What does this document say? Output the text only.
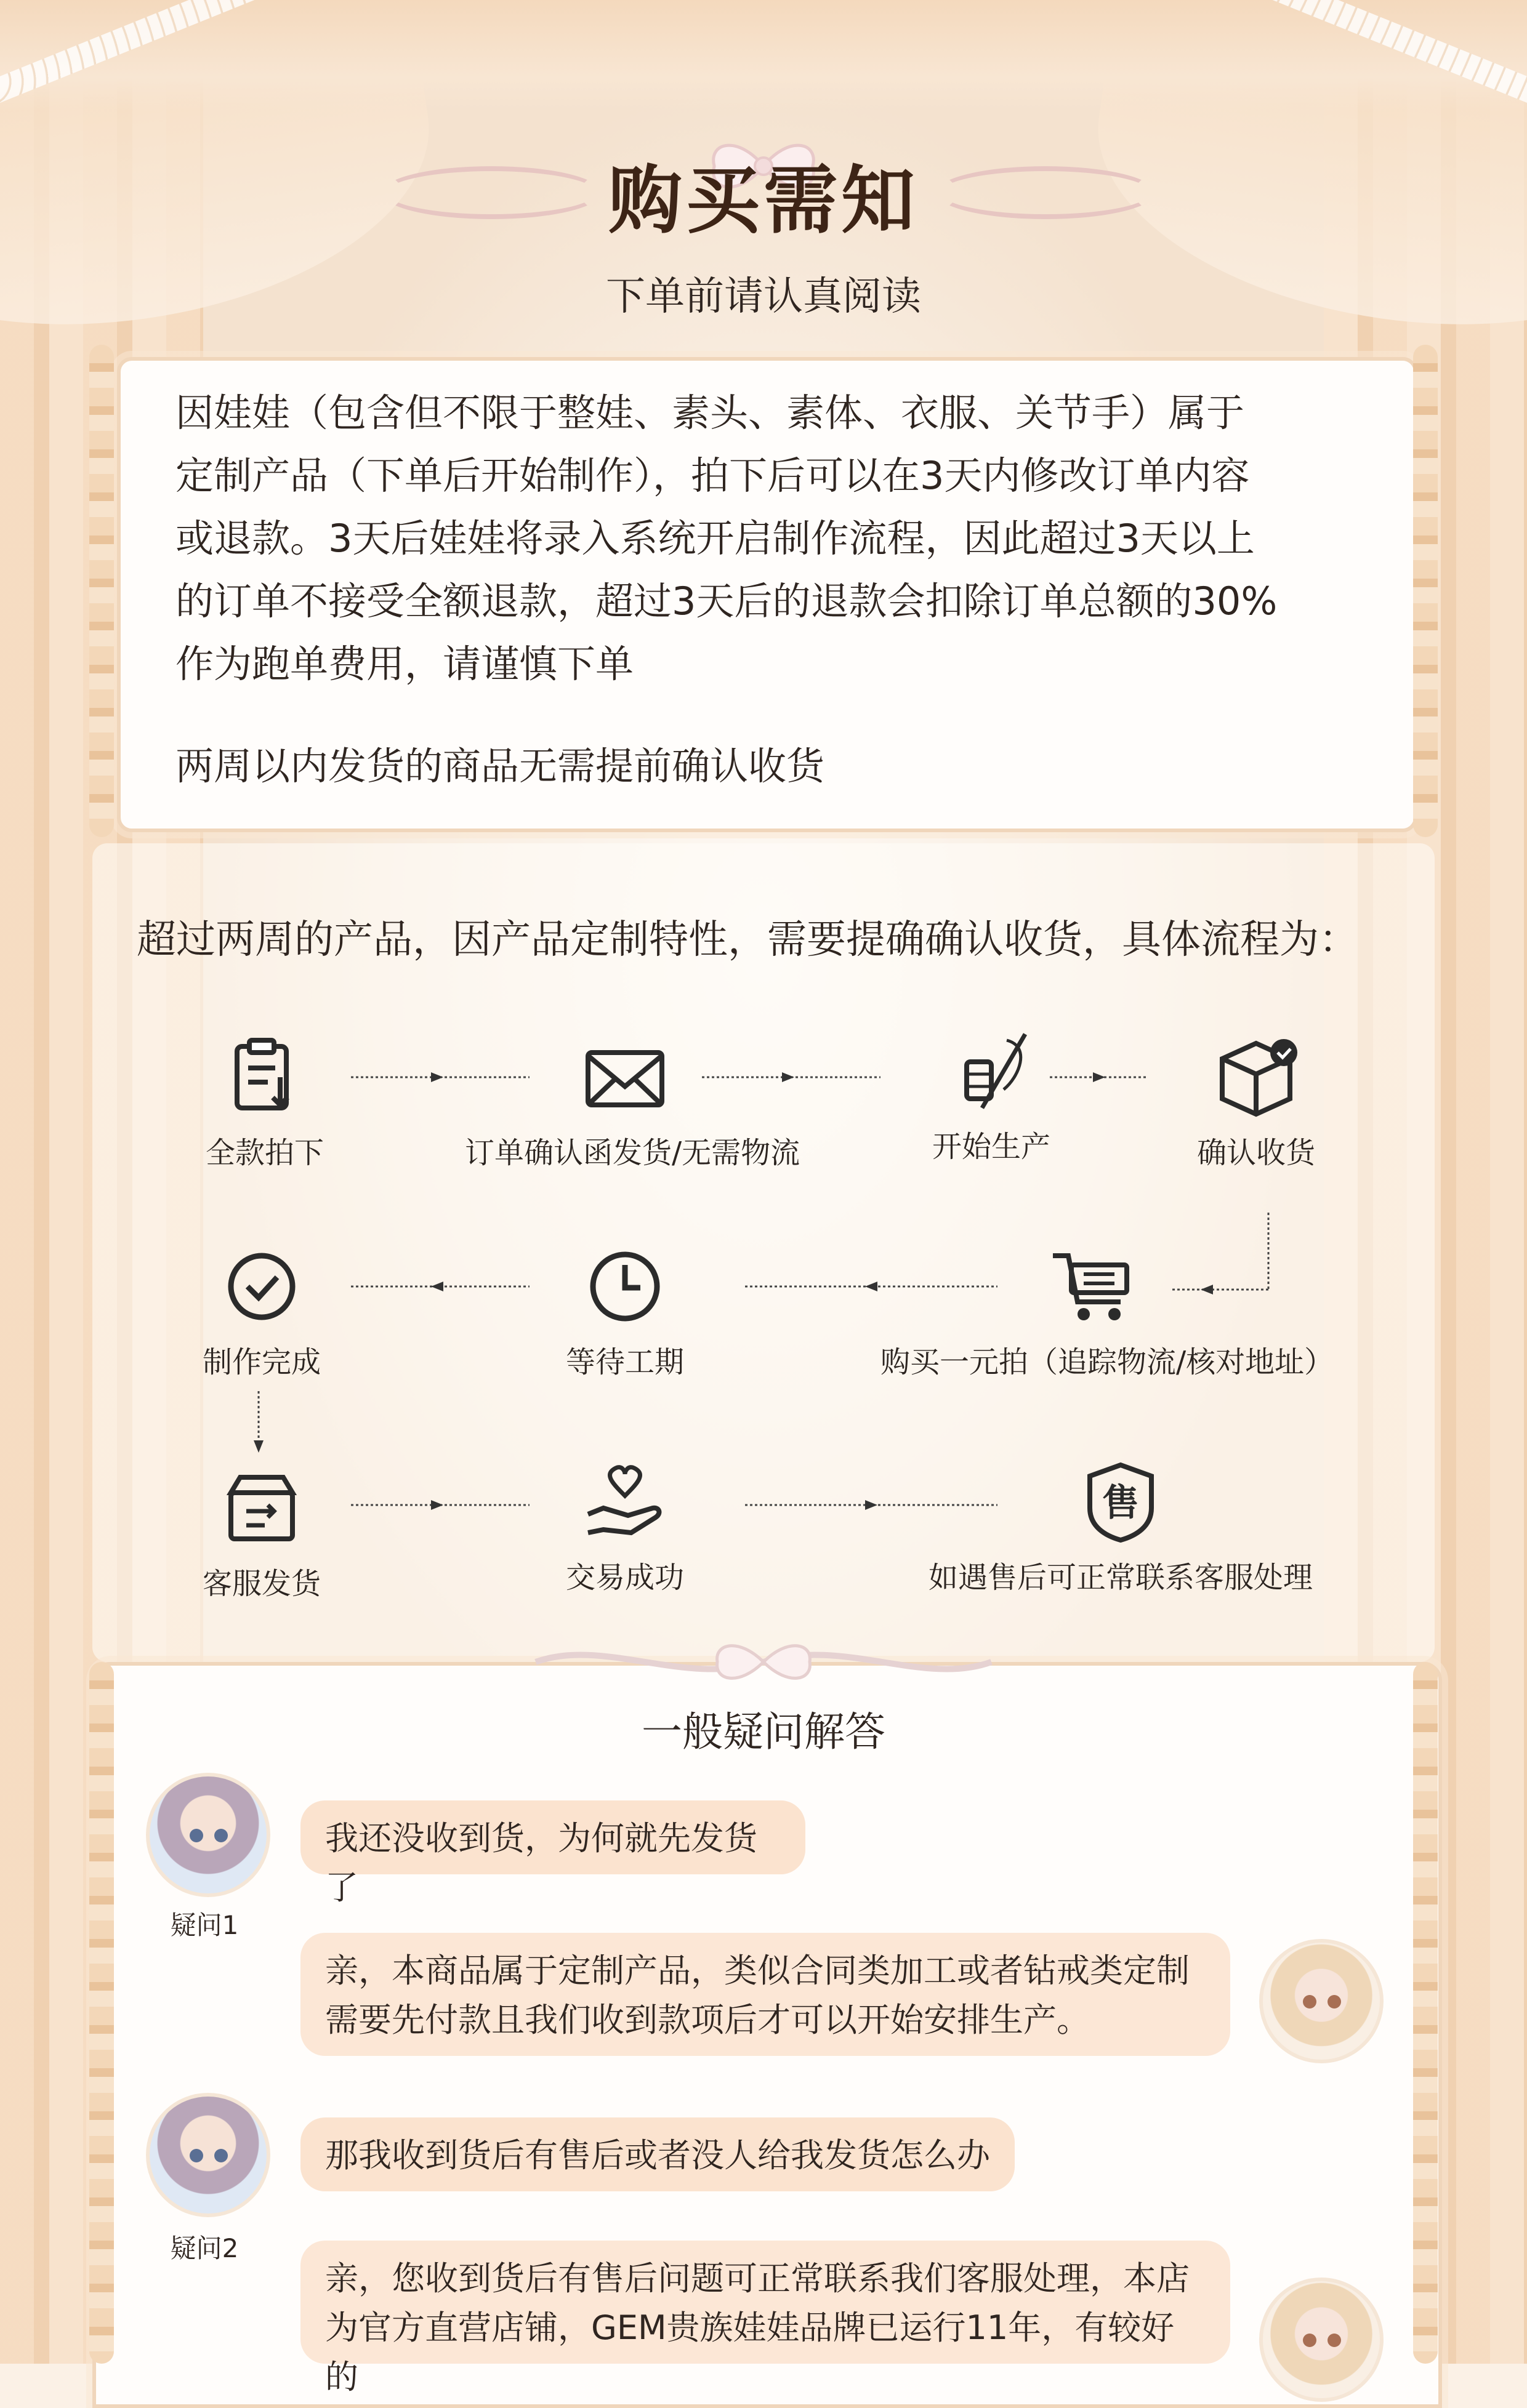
购买需知
下单前请认真阅读
因娃娃（包含但不限于整娃、素头、素体、衣服、关节手）属于
定制产品（下单后开始制作），拍下后可以在3天内修改订单内容
或退款。3天后娃娃将录入系统开启制作流程，因此超过3天以上
的订单不接受全额退款，超过3天后的退款会扣除订单总额的30%
作为跑单费用，请谨慎下单
两周以内发货的商品无需提前确认收货
超过两周的产品，因产品定制特性，需要提确确认收货，具体流程为：
全款拍下	订单确认函发货/无需物流	开始生产	确认收货
购买一元拍（追踪物流/核对地址）
等待工期
制作完成
客服发货	交易成功
售
如遇售后可正常联系客服处理
一般疑问解答
疑问1
我还没收到货，为何就先发货了
亲，本商品属于定制产品，类似合同类加工或者钻戒类定制
需要先付款且我们收到款项后才可以开始安排生产。
疑问2
那我收到货后有售后或者没人给我发货怎么办
亲，您收到货后有售后问题可正常联系我们客服处理，本店
为官方直营店铺，GEM贵族娃娃品牌已运行11年，有较好的
